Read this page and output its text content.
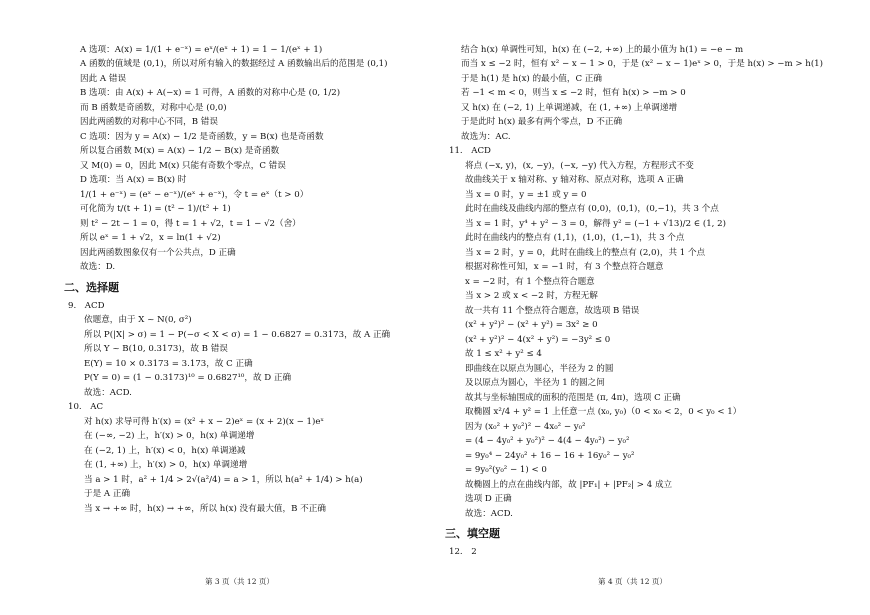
A 选项：A(x) = 1/(1 + e⁻ˣ) = eˣ/(eˣ + 1) = 1 − 1/(eˣ + 1)
A 函数的值域是 (0,1)，所以对所有输入的数据经过 A 函数输出后的范围是 (0,1)
因此 A 错误
B 选项：由 A(x) + A(−x) = 1 可得，A 函数的对称中心是 (0, 1/2)
而 B 函数是奇函数，对称中心是 (0,0)
因此两函数的对称中心不同，B 错误
C 选项：因为 y = A(x) − 1/2 是奇函数，y = B(x) 也是奇函数
所以复合函数 M(x) = A(x) − 1/2 − B(x) 是奇函数
又 M(0) = 0，因此 M(x) 只能有奇数个零点，C 错误
D 选项：当 A(x) = B(x) 时
1/(1 + e⁻ˣ) = (eˣ − e⁻ˣ)/(eˣ + e⁻ˣ)，令 t = eˣ（t > 0）
可化简为 t/(t + 1) = (t² − 1)/(t² + 1)
则 t² − 2t − 1 = 0，得 t = 1 + √2，t = 1 − √2（舍）
所以 eˣ = 1 + √2，x = ln(1 + √2)
因此两函数图象仅有一个公共点，D 正确
故选：D.
二、选择题
9.　ACD
依题意，由于 X ~ N(0, σ²)
所以 P(|X| > σ) = 1 − P(−σ < X < σ) = 1 − 0.6827 = 0.3173，故 A 正确
所以 Y ~ B(10, 0.3173)，故 B 错误
E(Y) = 10 × 0.3173 = 3.173，故 C 正确
P(Y = 0) = (1 − 0.3173)¹⁰ = 0.6827¹⁰，故 D 正确
故选：ACD.
10.　AC
对 h(x) 求导可得 h′(x) = (x² + x − 2)eˣ = (x + 2)(x − 1)eˣ
在 (−∞, −2) 上，h′(x) > 0，h(x) 单调递增
在 (−2, 1) 上，h′(x) < 0，h(x) 单调递减
在 (1, +∞) 上，h′(x) > 0，h(x) 单调递增
当 a > 1 时，a² + 1/4 > 2√(a²/4) = a > 1，所以 h(a² + 1/4) > h(a)
于是 A 正确
当 x → +∞ 时，h(x) → +∞，所以 h(x) 没有最大值，B 不正确
结合 h(x) 单调性可知，h(x) 在 (−2, +∞) 上的最小值为 h(1) = −e − m
而当 x ≤ −2 时，恒有 x² − x − 1 > 0，于是 (x² − x − 1)eˣ > 0，于是 h(x) > −m > h(1)
于是 h(1) 是 h(x) 的最小值，C 正确
若 −1 < m < 0，则当 x ≤ −2 时，恒有 h(x) > −m > 0
又 h(x) 在 (−2, 1) 上单调递减，在 (1, +∞) 上单调递增
于是此时 h(x) 最多有两个零点，D 不正确
故选为：AC.
11.　ACD
将点 (−x, y)，(x, −y)，(−x, −y) 代入方程，方程形式不变
故曲线关于 x 轴对称、y 轴对称、原点对称，选项 A 正确
当 x = 0 时，y = ±1 或 y = 0
此时在曲线及曲线内部的整点有 (0,0)，(0,1)，(0,−1)，共 3 个点
当 x = 1 时，y⁴ + y² − 3 = 0，解得 y² = (−1 + √13)/2 ∈ (1, 2)
此时在曲线内的整点有 (1,1)，(1,0)，(1,−1)，共 3 个点
当 x = 2 时，y = 0，此时在曲线上的整点有 (2,0)，共 1 个点
根据对称性可知，x = −1 时，有 3 个整点符合题意
x = −2 时，有 1 个整点符合题意
当 x > 2 或 x < −2 时，方程无解
故一共有 11 个整点符合题意，故选项 B 错误
(x² + y²)² − (x² + y²) = 3x² ≥ 0
(x² + y²)² − 4(x² + y²) = −3y² ≤ 0
故 1 ≤ x² + y² ≤ 4
即曲线在以原点为圆心，半径为 2 的圆
及以原点为圆心，半径为 1 的圆之间
故其与坐标轴围成的面积的范围是 (π, 4π)，选项 C 正确
取椭圆 x²/4 + y² = 1 上任意一点 (x₀, y₀)（0 < x₀ < 2，0 < y₀ < 1）
因为 (x₀² + y₀²)² − 4x₀² − y₀²
= (4 − 4y₀² + y₀²)² − 4(4 − 4y₀²) − y₀²
= 9y₀⁴ − 24y₀² + 16 − 16 + 16y₀² − y₀²
= 9y₀²(y₀² − 1) < 0
故椭圆上的点在曲线内部，故 |PF₁| + |PF₂| > 4 成立
选项 D 正确
故选：ACD.
三、填空题
12.　2
第 3 页（共 12 页）	第 4 页（共 12 页）
